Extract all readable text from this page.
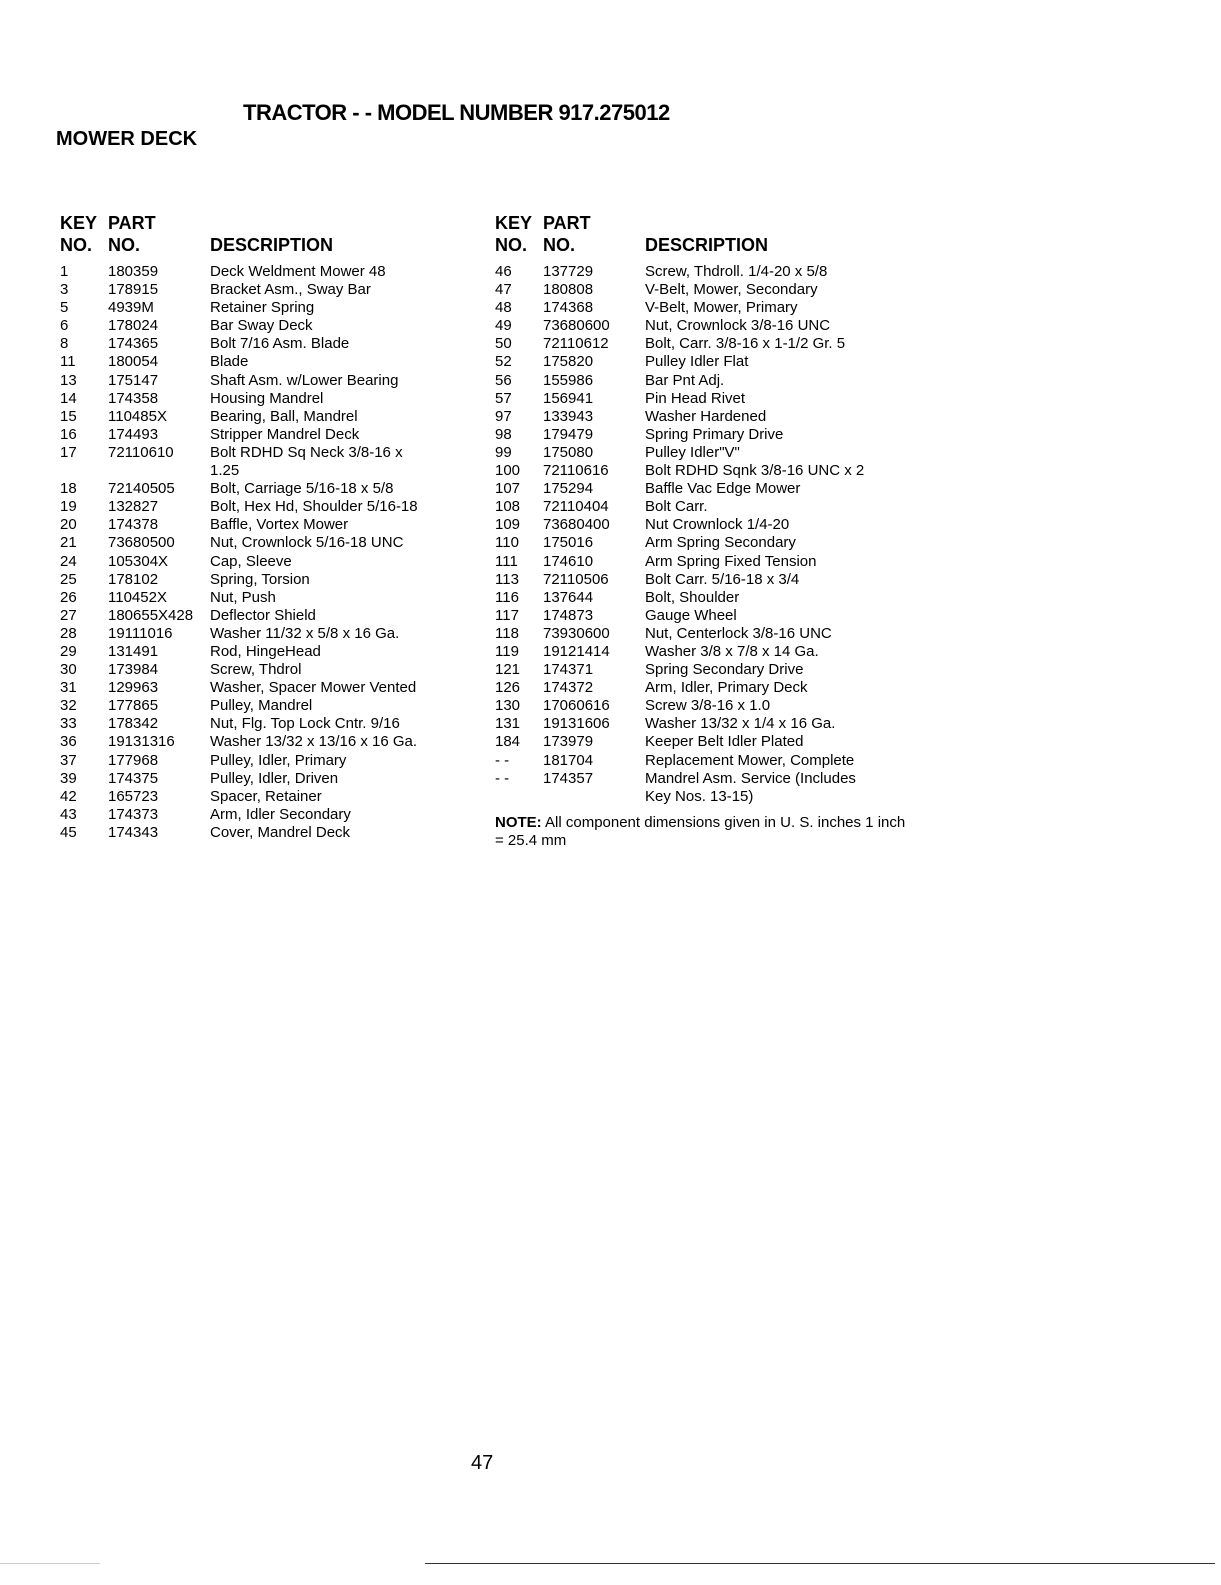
TRACTOR - - MODEL NUMBER 917.275012
MOWER DECK
KEY PART
NO. NO.	DESCRIPTION
1	180359	Deck Weldment Mower 48
3	178915	Bracket Asm., Sway Bar
5	4939M	Retainer Spring
6	178024	Bar Sway Deck
8	174365	Bolt 7/16 Asm. Blade
11 180054	Blade
13 175147	Shaft Asm. w/Lower Bearing
14 174358	Housing Mandrel
15 110485X	Bearing, Ball, Mandrel
16 174493	Stripper Mandrel Deck
17 72110610 Bolt RDHD Sq Neck 3/8-16 x
1.25
18 72140505 Bolt, Carriage 5/16-18 x 5/8
19 132827	Bolt, Hex Hd, Shoulder 5/16-18
20 174378	Baffle, Vortex Mower
21 73680500 Nut, Crownlock 5/16-18 UNC
24 105304X	Cap, Sleeve
25 178102	Spring, Torsion
26 110452X	Nut, Push
27 180655X428 Deflector Shield
28 19111016 Washer 11/32 x 5/8 x 16 Ga.
29 131491	Rod, HingeHead
30 173984	Screw, Thdrol
31 129963	Washer, Spacer Mower Vented
32 177865	Pulley, Mandrel
33 178342	Nut, Flg. Top Lock Cntr. 9/16
36 19131316 Washer 13/32 x 13/16 x 16 Ga.
37 177968	Pulley, Idler, Primary
39 174375	Pulley, Idler, Driven
42 165723	Spacer, Retainer
43 174373	Arm, Idler Secondary
45 174343	Cover, Mandrel Deck
KEY PART
NO. NO.	DESCRIPTION
46 137729	Screw, Thdroll. 1/4-20 x 5/8
47 180808	V-Belt, Mower, Secondary
48 174368	V-Belt, Mower, Primary
49 73680600 Nut, Crownlock 3/8-16 UNC
50 72110612 Bolt, Carr. 3/8-16 x 1-1/2 Gr. 5
52 175820	Pulley Idler Flat
56 155986	Bar Pnt Adj.
57 156941	Pin Head Rivet
97 133943	Washer Hardened
98 179479	Spring Primary Drive
99 175080	Pulley Idler"V"
100 72110616 Bolt RDHD Sqnk 3/8-16 UNC x 2
107 175294	Baffle Vac Edge Mower
108 72110404 Bolt Carr.
109 73680400 Nut Crownlock 1/4-20
110 175016	Arm Spring Secondary
111 174610	Arm Spring Fixed Tension
113 72110506 Bolt Carr. 5/16-18 x 3/4
116 137644	Bolt, Shoulder
117 174873	Gauge Wheel
118 73930600 Nut, Centerlock 3/8-16 UNC
119 19121414 Washer 3/8 x 7/8 x 14 Ga.
121 174371	Spring Secondary Drive
126 174372	Arm, Idler, Primary Deck
130 17060616 Screw 3/8-16 x 1.0
131 19131606 Washer 13/32 x 1/4 x 16 Ga.
184 173979	Keeper Belt Idler Plated
- - 181704	Replacement Mower, Complete
- - 174357	Mandrel Asm. Service (Includes
Key Nos. 13-15)
NOTE: All component dimensions given in U. S. inches 1 inch = 25.4 mm
47
